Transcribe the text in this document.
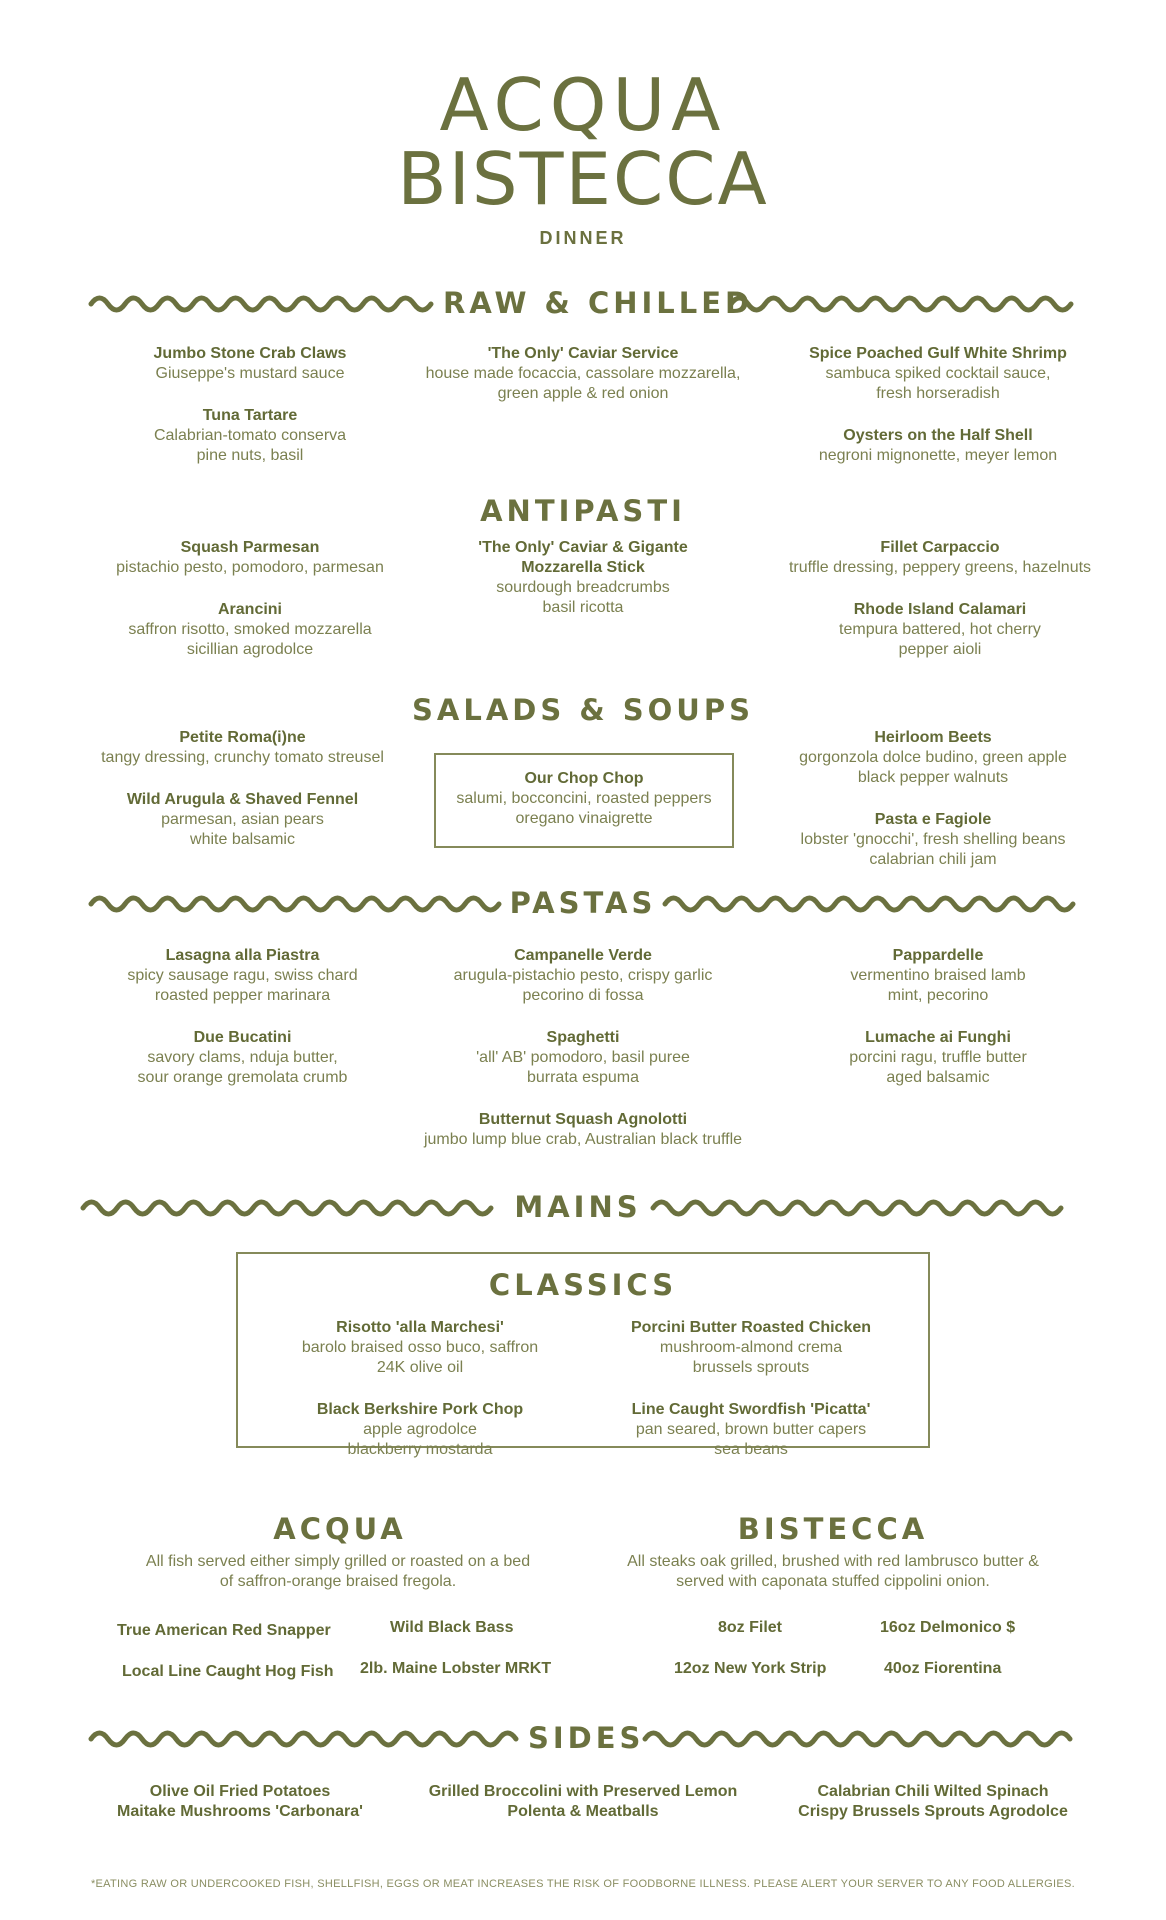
ACQUA
BISTECCA
DINNER
RAW & CHILLED
Jumbo Stone Crab Claws
Giuseppe's mustard sauce
Tuna Tartare
Calabrian-tomato conserva
pine nuts, basil
'The Only' Caviar Service
house made focaccia, cassolare mozzarella,
green apple & red onion
Spice Poached Gulf White Shrimp
sambuca spiked cocktail sauce,
fresh horseradish
Oysters on the Half Shell
negroni mignonette, meyer lemon
ANTIPASTI
Squash Parmesan
pistachio pesto, pomodoro, parmesan
Arancini
saffron risotto, smoked mozzarella
sicillian agrodolce
'The Only' Caviar & Gigante
Mozzarella Stick
sourdough breadcrumbs
basil ricotta
Fillet Carpaccio
truffle dressing, peppery greens, hazelnuts
Rhode Island Calamari
tempura battered, hot cherry
pepper aioli
SALADS & SOUPS
Petite Roma(i)ne
tangy dressing, crunchy tomato streusel
Wild Arugula & Shaved Fennel
parmesan, asian pears
white balsamic
Our Chop Chop
salumi, bocconcini, roasted peppers
oregano vinaigrette
Heirloom Beets
gorgonzola dolce budino, green apple
black pepper walnuts
Pasta e Fagiole
lobster 'gnocchi', fresh shelling beans
calabrian chili jam
PASTAS
Lasagna alla Piastra
spicy sausage ragu, swiss chard
roasted pepper marinara
Due Bucatini
savory clams, nduja butter,
sour orange gremolata crumb
Campanelle Verde
arugula-pistachio pesto, crispy garlic
pecorino di fossa
Spaghetti
'all' AB' pomodoro, basil puree
burrata espuma
Butternut Squash Agnolotti
jumbo lump blue crab, Australian black truffle
Pappardelle
vermentino braised lamb
mint, pecorino
Lumache ai Funghi
porcini ragu, truffle butter
aged balsamic
MAINS
CLASSICS
Risotto 'alla Marchesi'
barolo braised osso buco, saffron
24K olive oil
Black Berkshire Pork Chop
apple agrodolce
blackberry mostarda
Porcini Butter Roasted Chicken
mushroom-almond crema
brussels sprouts
Line Caught Swordfish 'Picatta'
pan seared, brown butter capers
sea beans
ACQUA
All fish served either simply grilled or roasted on a bed
of saffron-orange braised fregola.
True American Red Snapper	Wild Black Bass
Local Line Caught Hog Fish 2lb. Maine Lobster MRKT
BISTECCA
All steaks oak grilled, brushed with red lambrusco butter &
served with caponata stuffed cippolini onion.
8oz Filet	16oz Delmonico $
12oz New York Strip	40oz Fiorentina
SIDES
Olive Oil Fried Potatoes
Maitake Mushrooms 'Carbonara'
Grilled Broccolini with Preserved Lemon
Polenta & Meatballs
Calabrian Chili Wilted Spinach
Crispy Brussels Sprouts Agrodolce
*EATING RAW OR UNDERCOOKED FISH, SHELLFISH, EGGS OR MEAT INCREASES THE RISK OF FOODBORNE ILLNESS. PLEASE ALERT YOUR SERVER TO ANY FOOD ALLERGIES.
